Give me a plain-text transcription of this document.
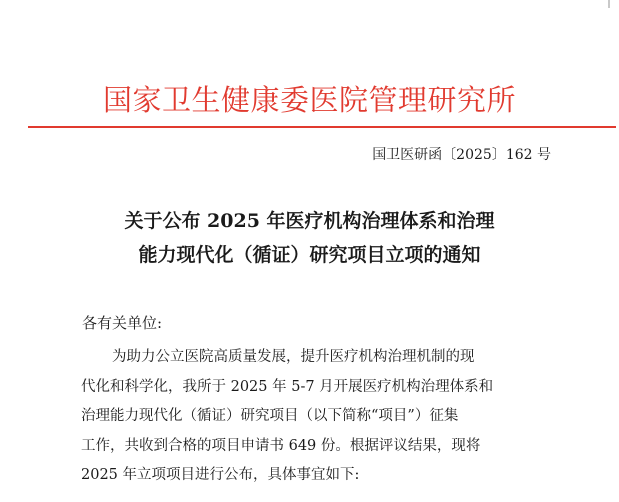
国家卫生健康委医院管理研究所
国卫医研函〔2025〕162 号
关于公布 2025 年医疗机构治理体系和治理
能力现代化（循证）研究项目立项的通知
各有关单位:
为助力公立医院高质量发展，提升医疗机构治理机制的现
代化和科学化，我所于 2025 年 5-7 月开展医疗机构治理体系和
治理能力现代化（循证）研究项目（以下简称“项目”）征集
工作，共收到合格的项目申请书 649 份。根据评议结果，现将
2025 年立项项目进行公布，具体事宜如下:
